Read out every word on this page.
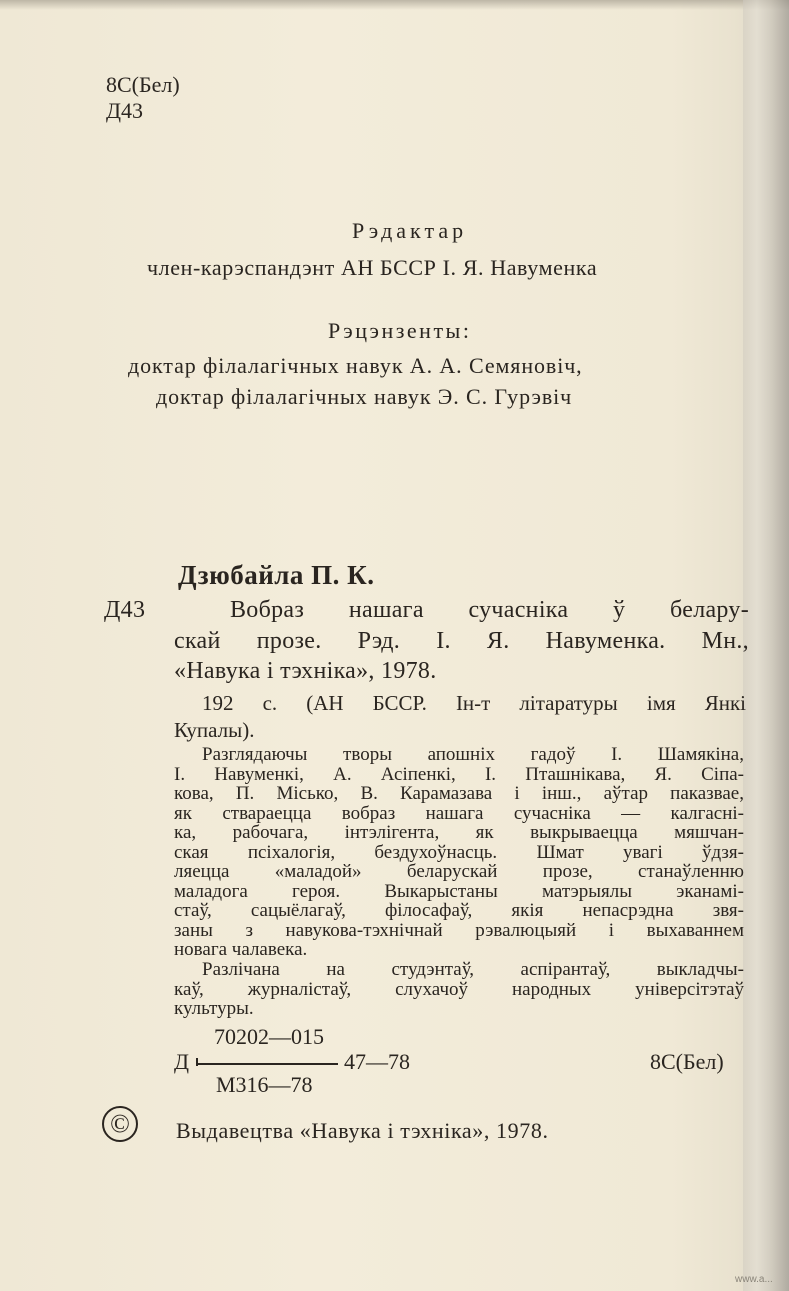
8С(Бел)
Д43
Рэдактар
член-карэспандэнт АН БССР І. Я. Навуменка
Рэцэнзенты:
доктар філалагічных навук А. А. Семяновіч,
доктар філалагічных навук Э. С. Гурэвіч
Дзюбайла П. К.
Д43	Вобраз нашага сучасніка ў белару-
скай прозе. Рэд. І. Я. Навуменка. Мн.,
«Навука і тэхніка», 1978.
192 с. (АН БССР. Ін-т літаратуры імя Янкі
Купалы).
Разглядаючы творы апошніх гадоў І. Шамякіна,
І. Навуменкі, А. Асіпенкі, І. Пташнікава, Я. Сіпа-
кова, П. Місько, В. Карамазава і інш., аўтар паказвае,
як ствараецца вобраз нашага сучасніка — калгасні-
ка, рабочага, інтэлігента, як выкрываецца мяшчан-
ская псіхалогія, бездухоўнасць. Шмат увагі ўдзя-
ляецца «маладой» беларускай прозе, станаўленню
маладога героя. Выкарыстаны матэрыялы эканамі-
стаў, сацыёлагаў, філосафаў, якія непасрэдна звя-
заны з навукова-тэхнічнай рэвалюцыяй і выхаваннем
новага чалавека.
Разлічана на студэнтаў, аспірантаў, выкладчы-
каў, журналістаў, слухачоў народных універсітэтаў
культуры.
70202—015
Д	47—78	8С(Бел)
М316—78
©	Выдавецтва «Навука і тэхніка», 1978.
www.a...
